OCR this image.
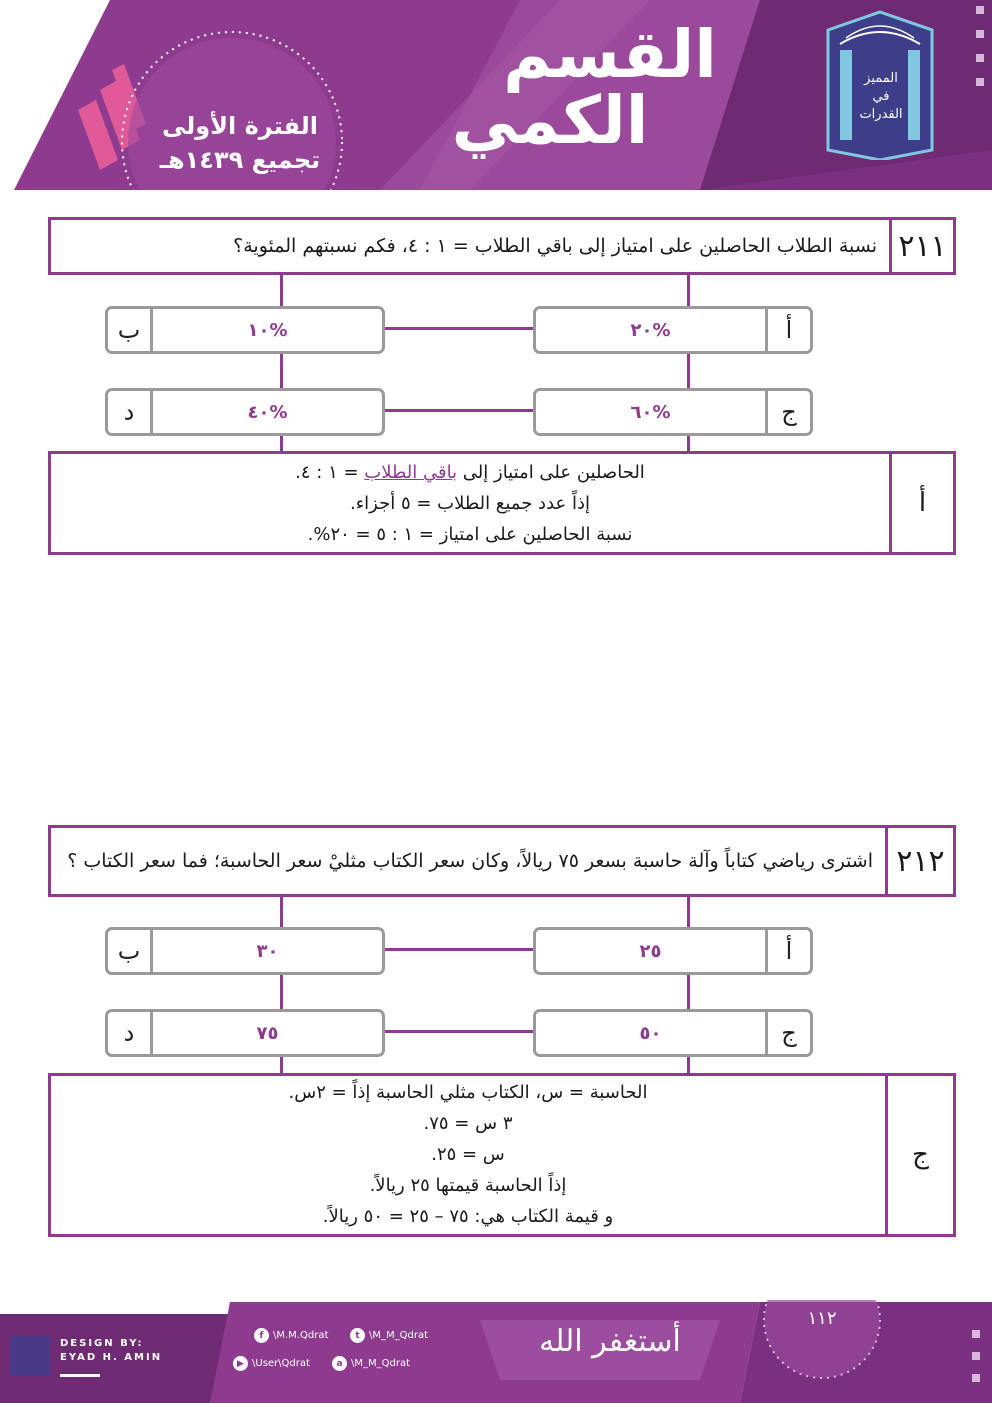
المميز في القدرات
القسم
الكمي
الفترة الأولى
تجميع ١٤٣٩هـ
نسبة الطلاب الحاصلين على امتياز إلى باقي الطلاب = ١ : ٤، فكم نسبتهم المئوية؟ ٢١١
أ
٢٠%
ب	١٠%
ج
٦٠%
د	٤٠%
الحاصلين على امتياز إلى باقي الطلاب = ١ : ٤.
إذاً عدد جميع الطلاب = ٥ أجزاء.
نسبة الحاصلين على امتياز = ١ : ٥ = ٢٠%.
أ
اشترى رياضي كتاباً وآلة حاسبة بسعر ٧٥ ريالاً، وكان سعر الكتاب مثليْ سعر الحاسبة؛ فما سعر الكتاب ؟ ٢١٢
أ
٢٥
ب	٣٠
ج
٥٠
د	٧٥
الحاسبة = س، الكتاب مثلي الحاسبة إذاً = ٢س.
٣ س = ٧٥.
س = ٢٥.
إذاً الحاسبة قيمتها ٢٥ ريالاً.
و قيمة الكتاب هي: ٧٥ – ٢٥ = ٥٠ ريالاً.
ج
١١٢
DESIGN BY:
EYAD H. AMIN
f \M.M.Qdrat	t \M_M_Qdrat
▶ \User\Qdrat	a \M_M_Qdrat
أستغفر الله
